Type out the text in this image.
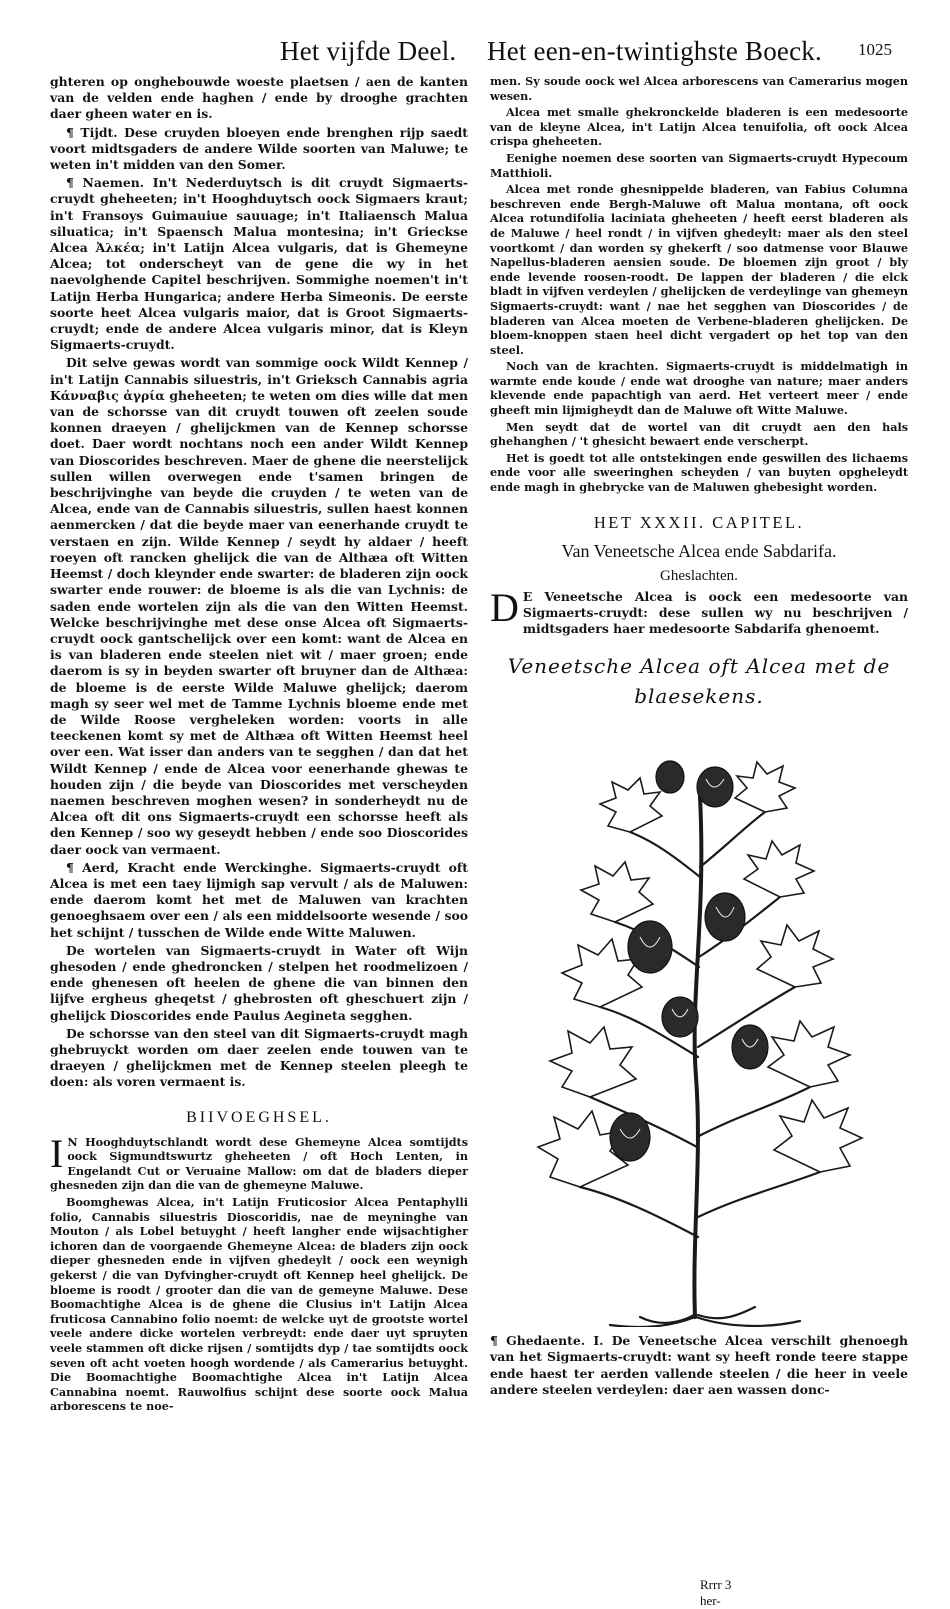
Het vijfde Deel. Het een-en-twintighste Boeck. 1025

ghteren op onghebouwde woeste plaetsen / aen de kanten van de velden ende haghen / ende by drooghe grachten daer gheen water en is.

¶ Tijdt. Dese cruyden bloeyen ende brenghen rijp saedt voort midtsgaders de andere Wilde soorten van Maluwe; te weten in't midden van den Somer.

¶ Naemen. In't Nederduytsch is dit cruydt Sigmaerts-cruydt gheheeten; in't Hooghduytsch oock Sigmaers kraut; in't Fransoys Guimauiue sauuage; in't Italiaensch Malua siluatica; in't Spaensch Malua montesina; in't Grieckse Alcea Ἀλκέα; in't Latijn Alcea vulgaris, dat is Ghemeyne Alcea; tot onderscheyt van de gene die wy in het naevolghende Capitel beschrijven. Sommighe noemen't in't Latijn Herba Hungarica; andere Herba Simeonis. De eerste soorte heet Alcea vulgaris maior, dat is Groot Sigmaerts-cruydt; ende de andere Alcea vulgaris minor, dat is Kleyn Sigmaerts-cruydt.

Dit selve gewas wordt van sommige oock Wildt Kennep / in't Latijn Cannabis siluestris, in't Grieksch Cannabis agria Κάνναβις ἀγρία gheheeten; te weten om dies wille dat men van de schorsse van dit cruydt touwen oft zeelen soude konnen draeyen / ghelijckmen van de Kennep schorsse doet. Daer wordt nochtans noch een ander Wildt Kennep van Dioscorides beschreven. Maer de ghene die neerstelijck sullen willen overwegen ende t'samen bringen de beschrijvinghe van beyde die cruyden / te weten van de Alcea, ende van de Cannabis siluestris, sullen haest konnen aenmercken / dat die beyde maer van eenerhande cruydt te verstaen en zijn. Wilde Kennep / seydt hy aldaer / heeft roeyen oft rancken ghelijck die van de Althæa oft Witten Heemst / doch kleynder ende swarter: de bladeren zijn oock swarter ende rouwer: de bloeme is als die van Lychnis: de saden ende wortelen zijn als die van den Witten Heemst. Welcke beschrijvinghe met dese onse Alcea oft Sigmaerts-cruydt oock gantschelijck over een komt: want de Alcea en is van bladeren ende steelen niet wit / maer groen; ende daerom is sy in beyden swarter oft bruyner dan de Althæa: de bloeme is de eerste Wilde Maluwe ghelijck; daerom magh sy seer wel met de Tamme Lychnis bloeme ende met de Wilde Roose vergheleken worden: voorts in alle teeckenen komt sy met de Althæa oft Witten Heemst heel over een. Wat isser dan anders van te segghen / dan dat het Wildt Kennep / ende de Alcea voor eenerhande ghewas te houden zijn / die beyde van Dioscorides met verscheyden naemen beschreven moghen wesen? in sonderheydt nu de Alcea oft dit ons Sigmaerts-cruydt een schorsse heeft als den Kennep / soo wy geseydt hebben / ende soo Dioscorides daer oock van vermaent.

¶ Aerd, Kracht ende Werckinghe. Sigmaerts-cruydt oft Alcea is met een taey lijmigh sap vervult / als de Maluwen: ende daerom komt het met de Maluwen van krachten genoeghsaem over een / als een middelsoorte wesende / soo het schijnt / tusschen de Wilde ende Witte Maluwen.

De wortelen van Sigmaerts-cruydt in Water oft Wijn ghesoden / ende ghedroncken / stelpen het roodmelizoen / ende ghenesen oft heelen de ghene die van binnen den lijfve ergheus gheqetst / ghebrosten oft gheschuert zijn / ghelijck Dioscorides ende Paulus Aegineta segghen.

De schorsse van den steel van dit Sigmaerts-cruydt magh ghebruyckt worden om daer zeelen ende touwen van te draeyen / ghelijckmen met de Kennep steelen pleegh te doen: als voren vermaent is.

BIIVOEGHSEL.
I N Hooghduytschlandt wordt dese Ghemeyne Alcea somtijdts oock Sigmundtswurtz gheheeten / oft Hoch Lenten, in Engelandt Cut or Veruaine Mallow: om dat de bladers dieper ghesneden zijn dan die van de ghemeyne Maluwe.

Boomghewas Alcea, in't Latijn Fruticosior Alcea Pentaphylli folio, Cannabis siluestris Dioscoridis, nae de meyninghe van Mouton / als Lobel betuyght / heeft langher ende wijsachtigher ichoren dan de voorgaende Ghemeyne Alcea: de bladers zijn oock dieper ghesneden ende in vijfven ghedeylt / oock een weynigh gekerst / die van Dyfvingher-cruydt oft Kennep heel ghelijck. De bloeme is roodt / grooter dan die van de gemeyne Maluwe. Dese Boomachtighe Alcea is de ghene die Clusius in't Latijn Alcea fruticosa Cannabino folio noemt: de welcke uyt de grootste wortel veele andere dicke wortelen verbreydt: ende daer uyt spruyten veele stammen oft dicke rijsen / somtijdts dyp / tae somtijdts oock seven oft acht voeten hoogh wordende / als Camerarius betuyght. Die Boomachtighe Boomachtighe Alcea in't Latijn Alcea Cannabina noemt. Rauwolfius schijnt dese soorte oock Malua arborescens te noe-

men. Sy soude oock wel Alcea arborescens van Camerarius mogen wesen.

Alcea met smalle ghekronckelde bladeren is een medesoorte van de kleyne Alcea, in't Latijn Alcea tenuifolia, oft oock Alcea crispa gheheeten.

Eenighe noemen dese soorten van Sigmaerts-cruydt Hypecoum Matthioli.

Alcea met ronde ghesnippelde bladeren, van Fabius Columna beschreven ende Bergh-Maluwe oft Malua montana, oft oock Alcea rotundifolia laciniata gheheeten / heeft eerst bladeren als de Maluwe / heel rondt / in vijfven ghedeylt: maer als den steel voortkomt / dan worden sy ghekerft / soo datmense voor Blauwe Napellus-bladeren aensien soude. De bloemen zijn groot / bly ende levende roosen-roodt. De lappen der bladeren / die elck bladt in vijfven verdeylen / ghelijcken de verdeylinge van ghemeyn Sigmaerts-cruydt: want / nae het segghen van Dioscorides / de bladeren van Alcea moeten de Verbene-bladeren ghelijcken. De bloem-knoppen staen heel dicht vergadert op het top van den steel.

Noch van de krachten. Sigmaerts-cruydt is middelmatigh in warmte ende koude / ende wat drooghe van nature; maer anders klevende ende papachtigh van aerd. Het verteert meer / ende gheeft min lijmigheydt dan de Maluwe oft Witte Maluwe.

Men seydt dat de wortel van dit cruydt aen den hals ghehanghen / 't ghesicht bewaert ende verscherpt.

Het is goedt tot alle ontstekingen ende geswillen des lichaems ende voor alle sweeringhen scheyden / van buyten opgheleydt ende magh in ghebrycke van de Maluwen ghebesight worden.

HET XXXII. CAPITEL.
Van Veneetsche Alcea ende Sabdarifa.
Gheslachten.
D E Veneetsche Alcea is oock een medesoorte van Sigmaerts-cruydt: dese sullen wy nu beschrijven / midtsgaders haer medesoorte Sabdarifa ghenoemt.

Veneetsche Alcea oft Alcea met de blaesekens.

¶ Ghedaente. I. De Veneetsche Alcea verschilt ghenoegh van het Sigmaerts-cruydt: want sy heeft ronde teere stappe ende haest ter aerden vallende steelen / die heer in veele andere steelen verdeylen: daer aen wassen donc-

Rrrr 3 her-
